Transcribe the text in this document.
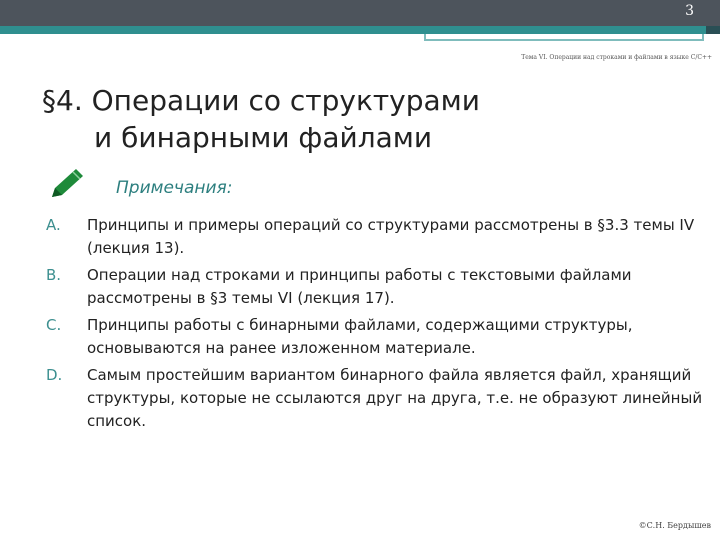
3
Тема VI. Операции над строками и файлами в языке C/C++
§4. Операции со структурами
и бинарными файлами
Примечания:
A.	Принципы и примеры операций со структурами рассмотрены в §3.3 темы IV (лекция 13).
B.	Операции над строками и принципы работы с текстовыми файлами рассмотрены в §3 темы VI (лекция 17).
C.	Принципы работы с бинарными файлами, содержащими структуры, основываются на ранее изложенном материале.
D.	Самым простейшим вариантом бинарного файла является файл, хранящий структуры, которые не ссылаются друг на друга, т.е. не образуют линейный список.
©С.Н. Бердышев
